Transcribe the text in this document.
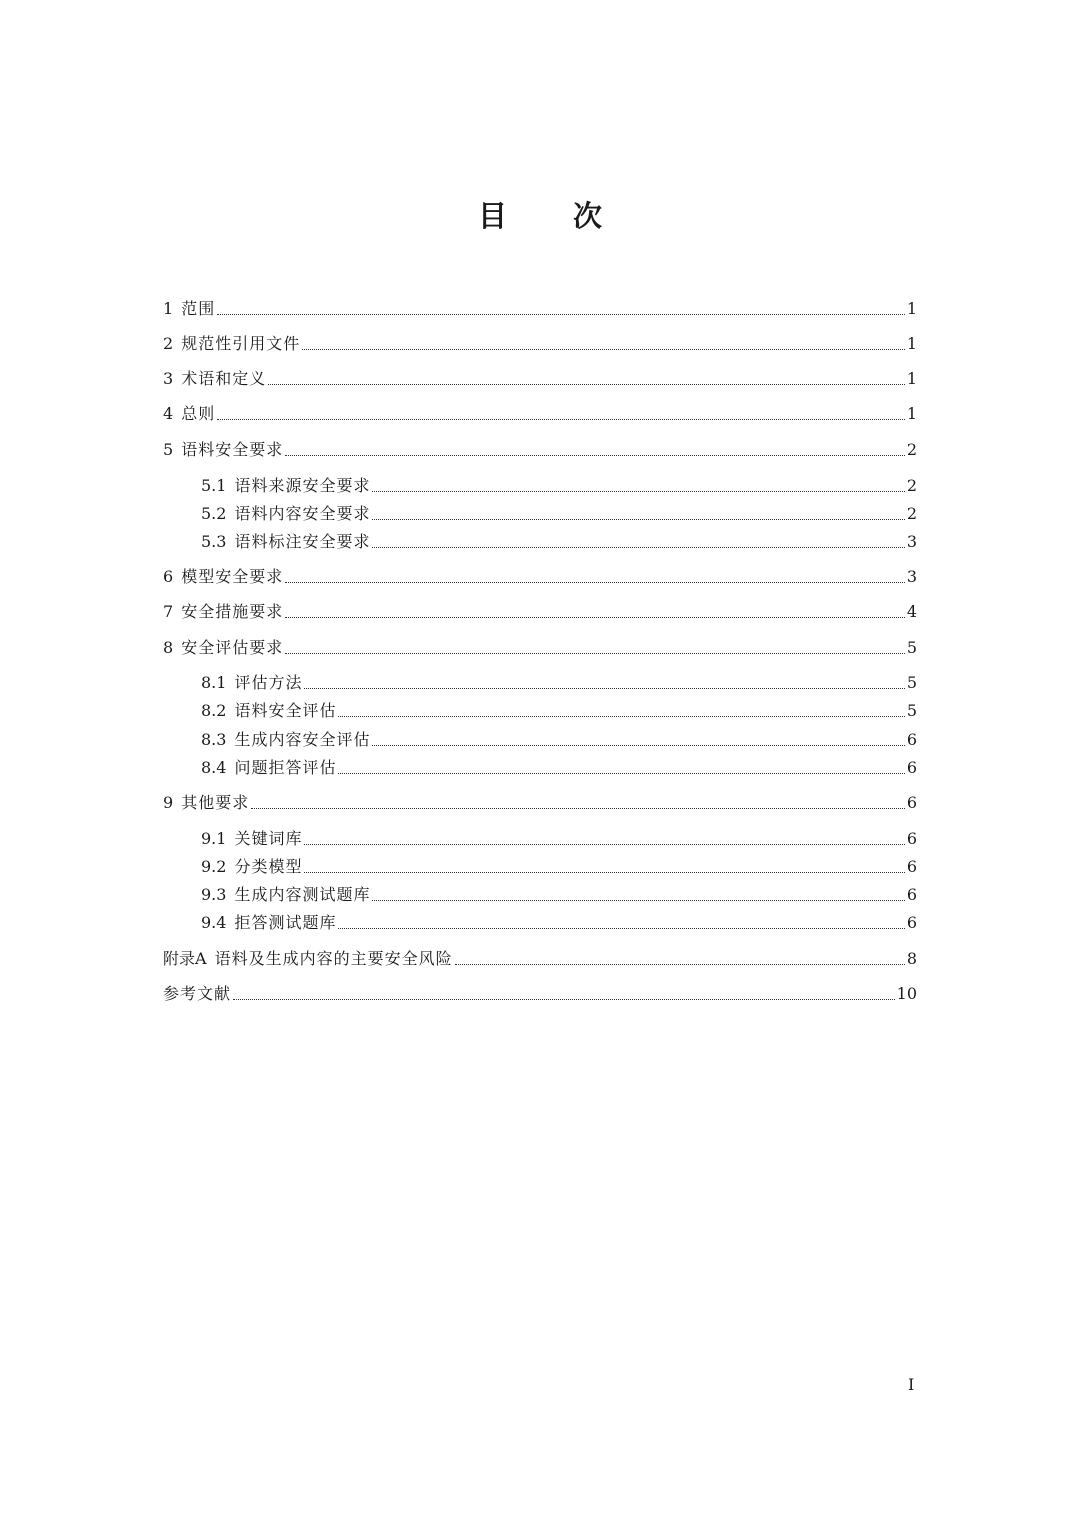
目 次
1 范围	1
2 规范性引用文件	1
3 术语和定义	1
4 总则	1
5 语料安全要求	2
5.1 语料来源安全要求	2
5.2 语料内容安全要求	2
5.3 语料标注安全要求	3
6 模型安全要求	3
7 安全措施要求	4
8 安全评估要求	5
8.1 评估方法	5
8.2 语料安全评估	5
8.3 生成内容安全评估	6
8.4 问题拒答评估	6
9 其他要求	6
9.1 关键词库	6
9.2 分类模型	6
9.3 生成内容测试题库	6
9.4 拒答测试题库	6
附录A 语料及生成内容的主要安全风险	8
参考文献	10
I
